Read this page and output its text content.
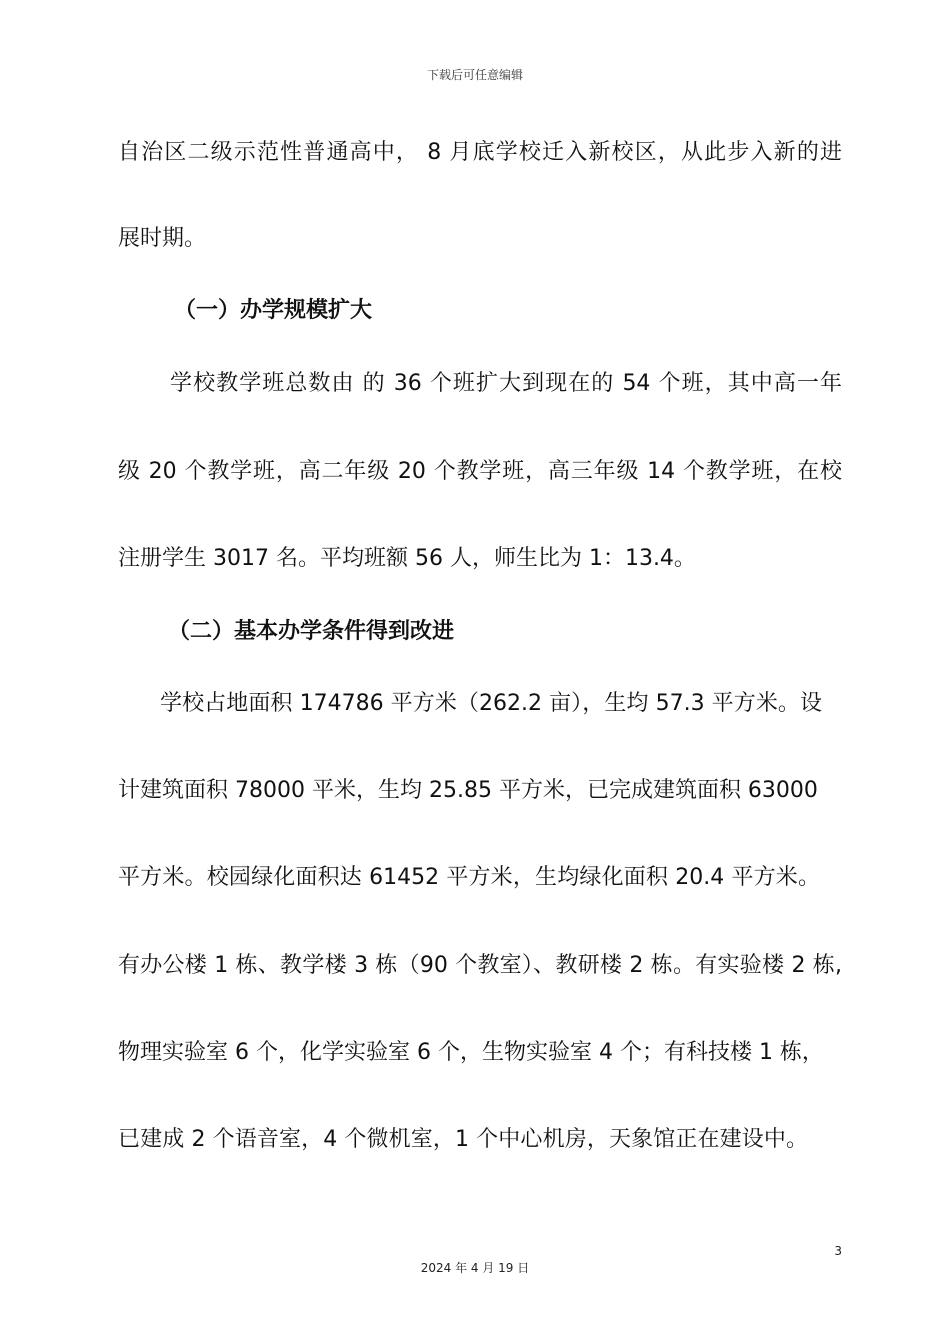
下载后可任意编辑
自治区二级示范性普通高中， 8 月底学校迁入新校区，从此步入新的进
展时期。
（一）办学规模扩大
学校教学班总数由 的 36 个班扩大到现在的 54 个班，其中高一年
级 20 个教学班，高二年级 20 个教学班，高三年级 14 个教学班，在校
注册学生 3017 名。平均班额 56 人，师生比为 1：13.4。
（二）基本办学条件得到改进
学校占地面积 174786 平方米（262.2 亩），生均 57.3 平方米。设
计建筑面积 78000 平米，生均 25.85 平方米，已完成建筑面积 63000
平方米。校园绿化面积达 61452 平方米，生均绿化面积 20.4 平方米。
有办公楼 1 栋、教学楼 3 栋（90 个教室）、教研楼 2 栋。有实验楼 2 栋,
物理实验室 6 个，化学实验室 6 个，生物实验室 4 个；有科技楼 1 栋，
已建成 2 个语音室，4 个微机室，1 个中心机房，天象馆正在建设中。
3
2024 年 4 月 19 日
